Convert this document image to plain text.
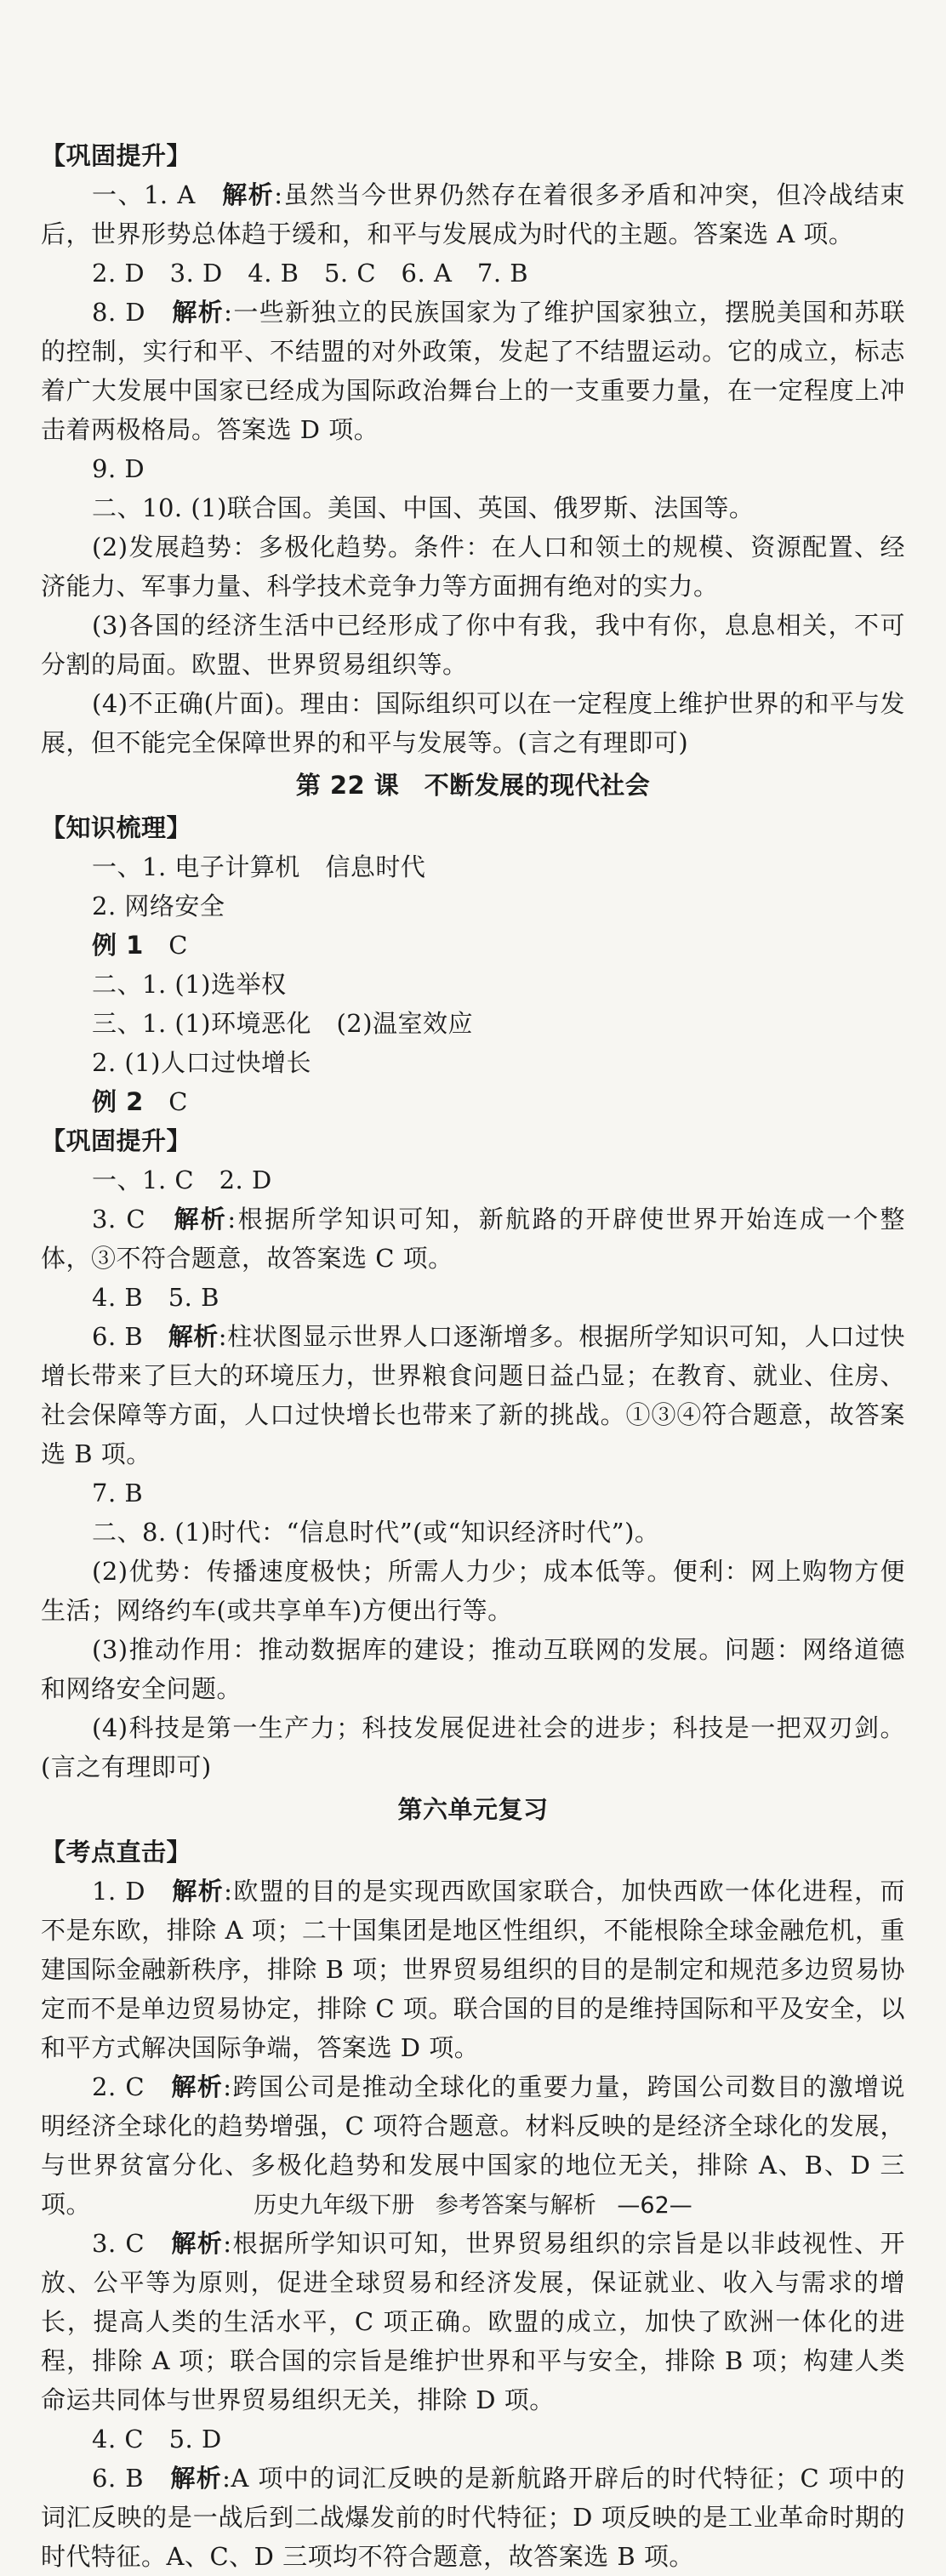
【巩固提升】
一、1. A　解析:虽然当今世界仍然存在着很多矛盾和冲突，但冷战结束后，世界形势总体趋于缓和，和平与发展成为时代的主题。答案选 A 项。
2. D　3. D　4. B　5. C　6. A　7. B
8. D　解析:一些新独立的民族国家为了维护国家独立，摆脱美国和苏联的控制，实行和平、不结盟的对外政策，发起了不结盟运动。它的成立，标志着广大发展中国家已经成为国际政治舞台上的一支重要力量，在一定程度上冲击着两极格局。答案选 D 项。
9. D
二、10. (1)联合国。美国、中国、英国、俄罗斯、法国等。
(2)发展趋势：多极化趋势。条件：在人口和领土的规模、资源配置、经济能力、军事力量、科学技术竞争力等方面拥有绝对的实力。
(3)各国的经济生活中已经形成了你中有我，我中有你，息息相关，不可分割的局面。欧盟、世界贸易组织等。
(4)不正确(片面)。理由：国际组织可以在一定程度上维护世界的和平与发展，但不能完全保障世界的和平与发展等。(言之有理即可)
第 22 课　不断发展的现代社会
【知识梳理】
一、1. 电子计算机　信息时代
2. 网络安全
例 1　C
二、1. (1)选举权
三、1. (1)环境恶化　(2)温室效应
2. (1)人口过快增长
例 2　C
【巩固提升】
一、1. C　2. D
3. C　解析:根据所学知识可知，新航路的开辟使世界开始连成一个整体，③不符合题意，故答案选 C 项。
4. B　5. B
6. B　解析:柱状图显示世界人口逐渐增多。根据所学知识可知，人口过快增长带来了巨大的环境压力，世界粮食问题日益凸显；在教育、就业、住房、社会保障等方面，人口过快增长也带来了新的挑战。①③④符合题意，故答案选 B 项。
7. B
二、8. (1)时代：“信息时代”(或“知识经济时代”)。
(2)优势：传播速度极快；所需人力少；成本低等。便利：网上购物方便生活；网络约车(或共享单车)方便出行等。
(3)推动作用：推动数据库的建设；推动互联网的发展。问题：网络道德和网络安全问题。
(4)科技是第一生产力；科技发展促进社会的进步；科技是一把双刃剑。(言之有理即可)
第六单元复习
【考点直击】
1. D　解析:欧盟的目的是实现西欧国家联合，加快西欧一体化进程，而不是东欧，排除 A 项；二十国集团是地区性组织，不能根除全球金融危机，重建国际金融新秩序，排除 B 项；世界贸易组织的目的是制定和规范多边贸易协定而不是单边贸易协定，排除 C 项。联合国的目的是维持国际和平及安全，以和平方式解决国际争端，答案选 D 项。
2. C　解析:跨国公司是推动全球化的重要力量，跨国公司数目的激增说明经济全球化的趋势增强，C 项符合题意。材料反映的是经济全球化的发展，与世界贫富分化、多极化趋势和发展中国家的地位无关，排除 A、B、D 三项。
3. C　解析:根据所学知识可知，世界贸易组织的宗旨是以非歧视性、开放、公平等为原则，促进全球贸易和经济发展，保证就业、收入与需求的增长，提高人类的生活水平，C 项正确。欧盟的成立，加快了欧洲一体化的进程，排除 A 项；联合国的宗旨是维护世界和平与安全，排除 B 项；构建人类命运共同体与世界贸易组织无关，排除 D 项。
4. C　5. D
6. B　解析:A 项中的词汇反映的是新航路开辟后的时代特征；C 项中的词汇反映的是一战后到二战爆发前的时代特征；D 项反映的是工业革命时期的时代特征。A、C、D 三项均不符合题意，故答案选 B 项。
历史九年级下册 参考答案与解析 —62—
